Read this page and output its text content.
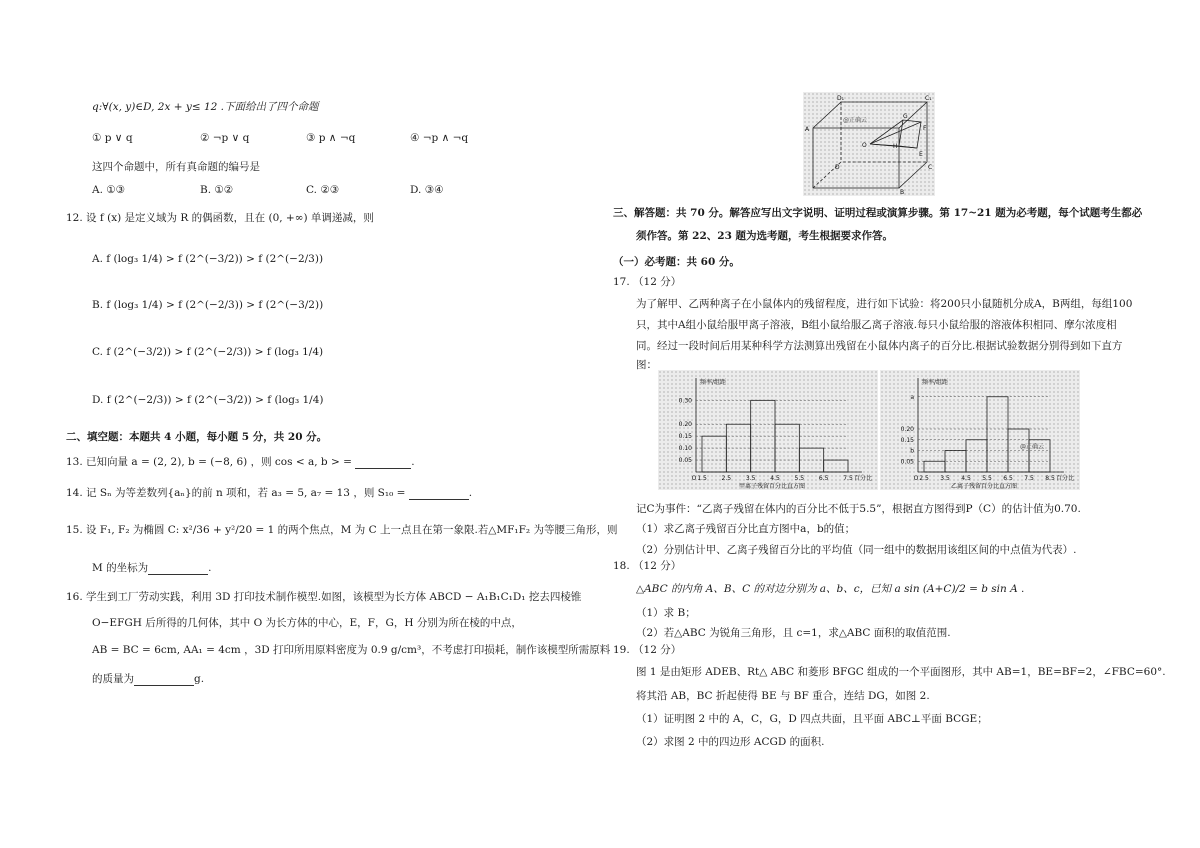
q:∀(x, y)∈D, 2x + y≤ 12 .下面给出了四个命题
① p ∨ q	② ¬p ∨ q	③ p ∧ ¬q	④ ¬p ∧ ¬q
这四个命题中，所有真命题的编号是
A. ①③	B. ①②	C. ②③	D. ③④
12. 设 f (x) 是定义域为 R 的偶函数，且在 (0, +∞) 单调递减，则
A. f (log₃ 1/4) > f (2^(−3/2)) > f (2^(−2/3))
B. f (log₃ 1/4) > f (2^(−2/3)) > f (2^(−3/2))
C. f (2^(−3/2)) > f (2^(−2/3)) > f (log₃ 1/4)
D. f (2^(−2/3)) > f (2^(−3/2)) > f (log₃ 1/4)
二、填空题：本题共 4 小题，每小题 5 分，共 20 分。
13. 已知向量 a = (2, 2), b = (−8, 6) ，则 cos < a, b > =	.
14. 记 Sₙ 为等差数列{aₙ}的前 n 项和，若 a₃ = 5, a₇ = 13 ，则 S₁₀ =	.
15. 设 F₁, F₂ 为椭圆 C: x²/36 + y²/20 = 1 的两个焦点，M 为 C 上一点且在第一象限.若△MF₁F₂ 为等腰三角形，则
M 的坐标为	.
16. 学生到工厂劳动实践，利用 3D 打印技术制作模型.如图，该模型为长方体 ABCD − A₁B₁C₁D₁ 挖去四棱锥
O−EFGH 后所得的几何体，其中 O 为长方体的中心，E，F，G，H 分别为所在棱的中点，
AB = BC = 6cm, AA₁ = 4cm ，3D 打印所用原料密度为 0.9 g/cm³，不考虑打印损耗，制作该模型所需原料
的质量为	g.
D₁	C₁
A
G
F
E
H
O
D	C
B
@正确云
三、解答题：共 70 分。解答应写出文字说明、证明过程或演算步骤。第 17~21 题为必考题，每个试题考生都必
须作答。第 22、23 题为选考题，考生根据要求作答。
（一）必考题：共 60 分。
17. （12 分）
为了解甲、乙两种离子在小鼠体内的残留程度，进行如下试验：将200只小鼠随机分成A，B两组，每组100
只，其中A组小鼠给服甲离子溶液，B组小鼠给服乙离子溶液.每只小鼠给服的溶液体积相同、摩尔浓度相
同。经过一段时间后用某种科学方法测算出残留在小鼠体内离子的百分比.根据试验数据分别得到如下直方
图：
0.05
0.10
0.15
0.20
0.30
O 1.5 2.5 3.5 4.5 5.5 6.5 7.5
频率/组距
百分比
甲离子残留百分比直方图
0.05
b
0.15
0.20
a
O 2.5 3.5 4.5 5.5 6.5 7.5 8.5
频率/组距
百分比
乙离子残留百分比直方图
@正确云
记C为事件：“乙离子残留在体内的百分比不低于5.5”，根据直方图得到P（C）的估计值为0.70.
（1）求乙离子残留百分比直方图中a，b的值；
（2）分别估计甲、乙离子残留百分比的平均值（同一组中的数据用该组区间的中点值为代表）.
18. （12 分）
△ABC 的内角 A、B、C 的对边分别为 a、b、c，已知 a sin (A+C)/2 = b sin A .
（1）求 B；
（2）若△ABC 为锐角三角形，且 c=1，求△ABC 面积的取值范围.
19. （12 分）
图 1 是由矩形 ADEB、Rt△ ABC 和菱形 BFGC 组成的一个平面图形，其中 AB=1，BE=BF=2，∠FBC=60°.
将其沿 AB，BC 折起使得 BE 与 BF 重合，连结 DG，如图 2.
（1）证明图 2 中的 A，C，G，D 四点共面，且平面 ABC⊥平面 BCGE；
（2）求图 2 中的四边形 ACGD 的面积.
